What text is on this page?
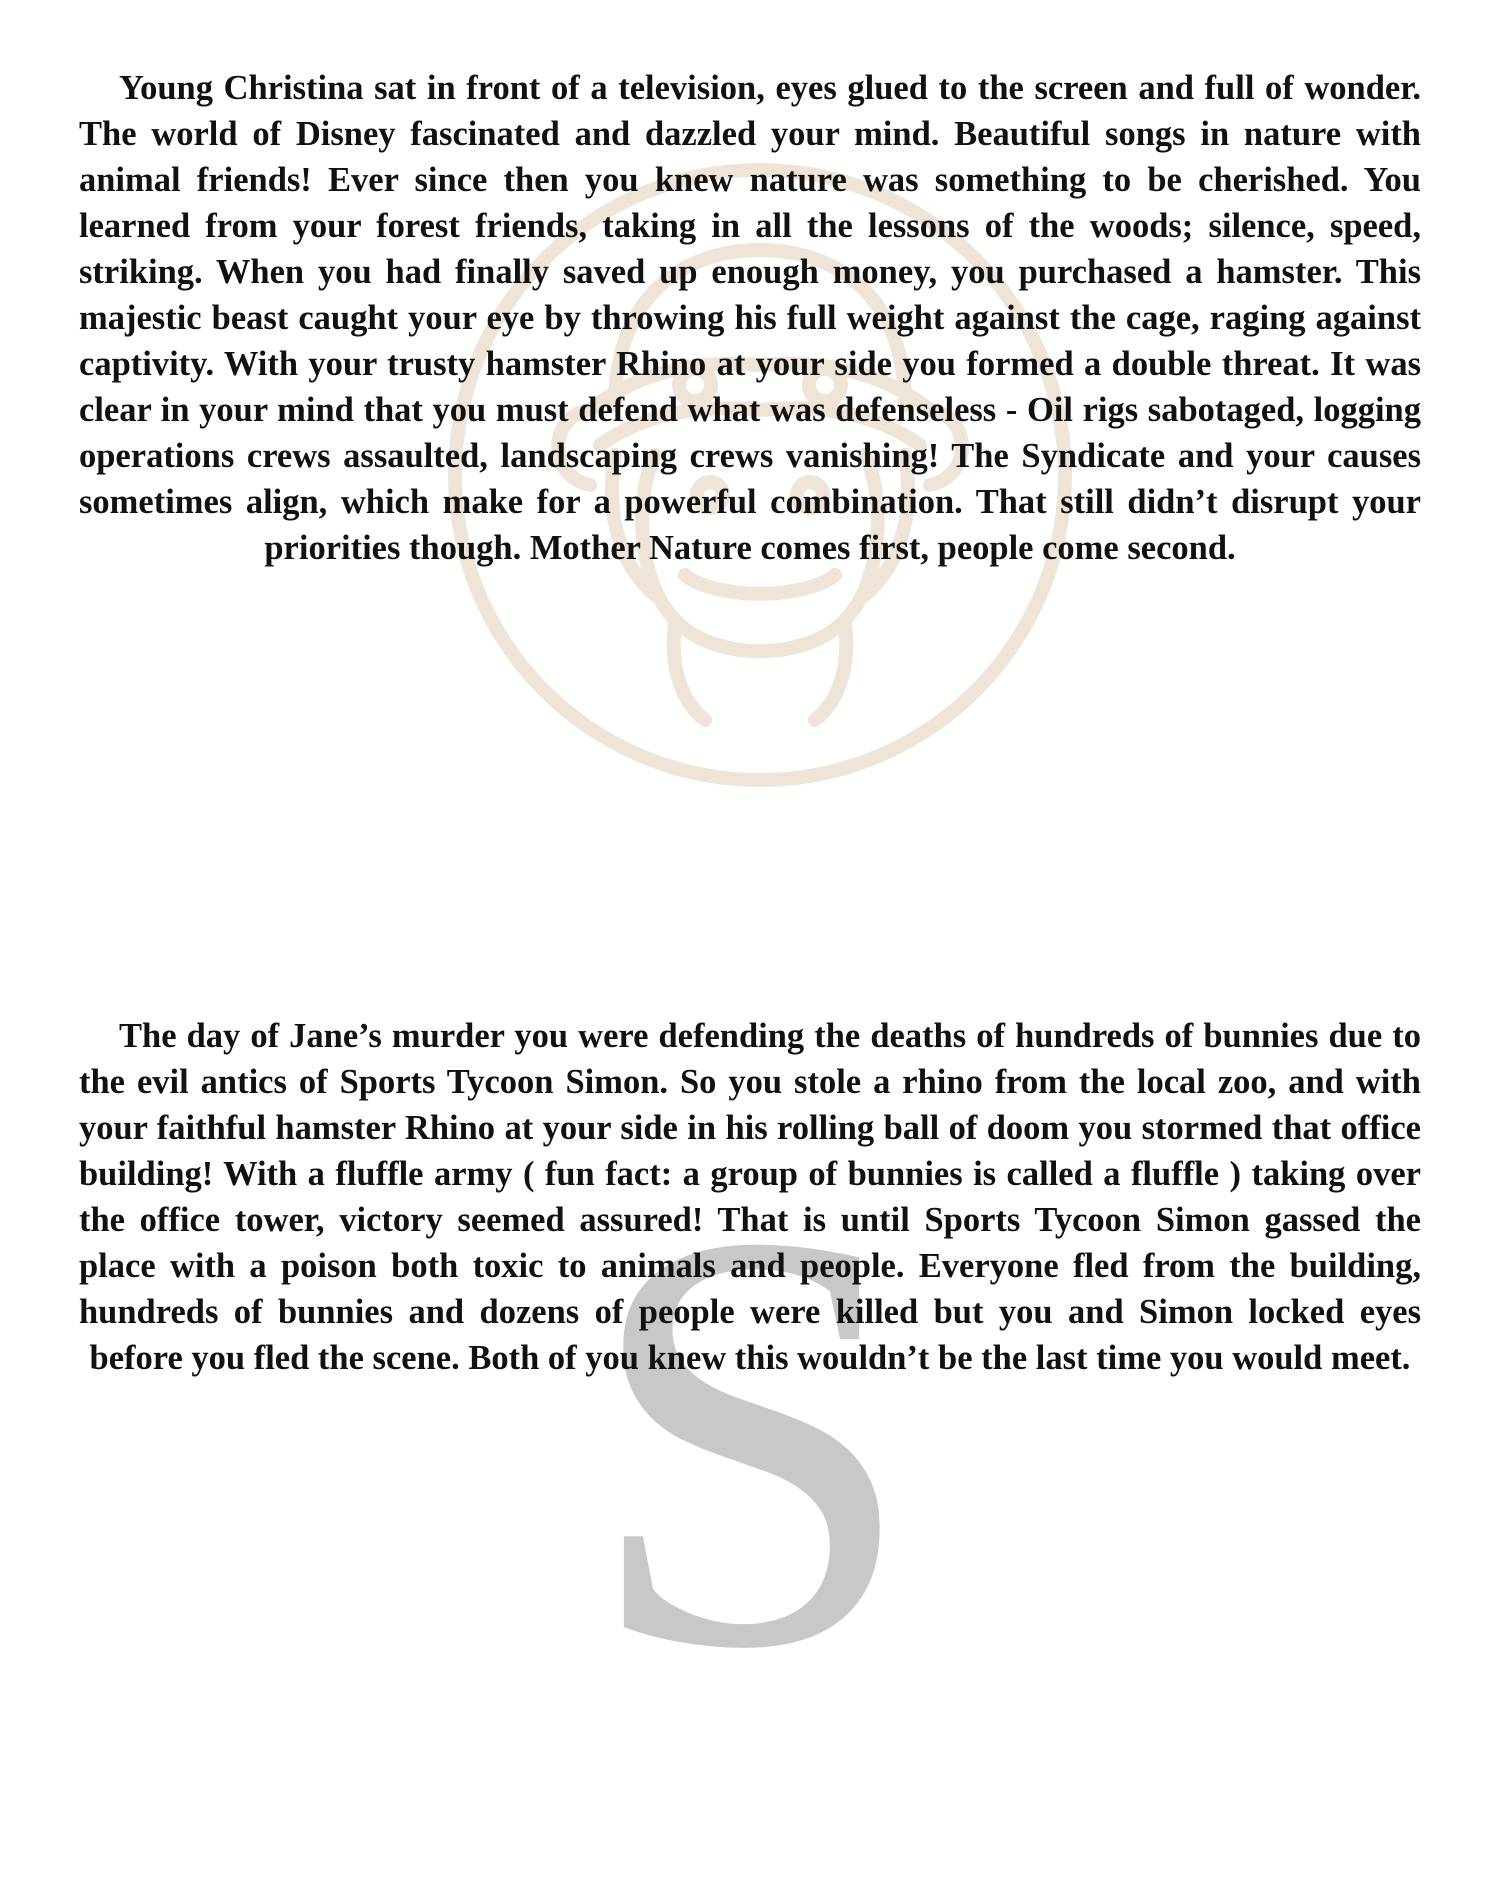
S

Young Christina sat in front of a television, eyes glued to the screen and full of wonder. The world of Disney fascinated and dazzled your mind. Beautiful songs in nature with animal friends! Ever since then you knew nature was something to be cherished. You learned from your forest friends, taking in all the lessons of the woods; silence, speed, striking. When you had finally saved up enough money, you purchased a hamster. This majestic beast caught your eye by throwing his full weight against the cage, raging against captivity. With your trusty hamster Rhino at your side you formed a double threat. It was clear in your mind that you must defend what was defenseless - Oil rigs sabotaged, logging operations crews assaulted, landscaping crews vanishing! The Syndicate and your causes sometimes align, which make for a powerful combination. That still didn’t disrupt your priorities though. Mother Nature comes first, people come second.

The day of Jane’s murder you were defending the deaths of hundreds of bunnies due to the evil antics of Sports Tycoon Simon. So you stole a rhino from the local zoo, and with your faithful hamster Rhino at your side in his rolling ball of doom you stormed that office building! With a fluffle army ( fun fact: a group of bunnies is called a fluffle ) taking over the office tower, victory seemed assured! That is until Sports Tycoon Simon gassed the place with a poison both toxic to animals and people. Everyone fled from the building, hundreds of bunnies and dozens of people were killed but you and Simon locked eyes before you fled the scene. Both of you knew this wouldn’t be the last time you would meet.
